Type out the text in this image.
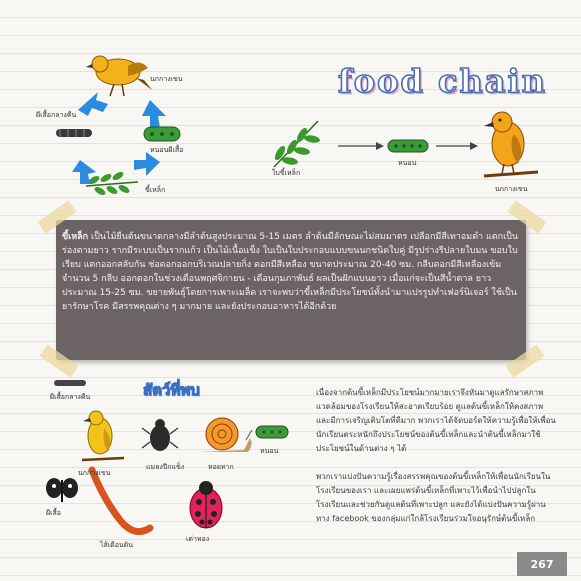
นกกางเขน
ผีเสื้อกลางคืน
หนอนผีเสื้อ
ขี้เหล็ก
food chain
ใบขี้เหล็ก
หนอน
นกกางเขน
ขี้เหล็ก เป็นไม้ยืนต้นขนาดกลางมีลำต้นสูงประมาณ 5-15 เมตร ลำต้นมีลักษณะไม่สมมาตร เปลือกมีสีเทาอมดำ แตกเป็นร่องตามยาว รากมีระบบเป็นรากแก้ว เป็นไม้เนื้อแข็ง ใบเป็นใบประกอบแบบขนนกชนิดใบคู่ มีรูปร่างรีปลายใบมน ขอบใบเรียบ แตกออกสลับกัน ช่อดอกออกบริเวณปลายกิ่ง ดอกมีสีเหลือง ขนาดประมาณ 20-40 ซม. กลีบดอกมีสีเหลืองเข้ม จำนวน 5 กลีบ ออกดอกในช่วงเดือนพฤศจิกายน - เดือนกุมภาพันธ์ ผลเป็นฝักแบนยาว เมื่อแก่จะเป็นสีน้ำตาล ยาวประมาณ 15-25 ซม. ขยายพันธุ์โดยการเพาะเมล็ด เราจะพบว่าขี้เหล็กมีประโยชน์ทั้งนำมาแปรรูปทำเฟอร์นิเจอร์ ใช้เป็นยารักษาโรค มีสรรพคุณต่าง ๆ มากมาย และยังประกอบอาหารได้อีกด้วย
สัตว์ที่พบ
ผีเสื้อกลางคืน
นกกางเขน
แมลงปีกแข็ง	หอยทาก
หนอน
ผีเสื้อ
ไส้เดือนดิน
เต่าทอง
เนื่องจากต้นขี้เหล็กมีประโยชน์มากมายเราจึงหันมาดูแลรักษาสภาพแวดล้อมของโรงเรียนให้สะอาดเรียบร้อย ดูแลต้นขี้เหล็กให้คงสภาพและมีการเจริญเติบโตที่ดีมาก พวกเราได้จัดบอร์ดให้ความรู้เพื่อให้เพื่อนนักเรียนตระหนักถึงประโยชน์ของต้นขี้เหล็กและนำต้นขี้เหล็กมาใช้ประโยชน์ในด้านต่าง ๆ ได้
พวกเราแบ่งปันความรู้เรื่องสรรพคุณของต้นขี้เหล็กให้เพื่อนนักเรียนในโรงเรียนของเรา และเผยแพร่ต้นขี้เหล็กที่เพาะไว้เพื่อนำไปปลูกในโรงเรียนและช่วยกันดูแลต้นที่เพาะปลูก และยังได้แบ่งปันความรู้ผ่านทาง facebook ของกลุ่มแก่ใกล้โรงเรียนร่วมใจอนุรักษ์ต้นขี้เหล็ก
267
